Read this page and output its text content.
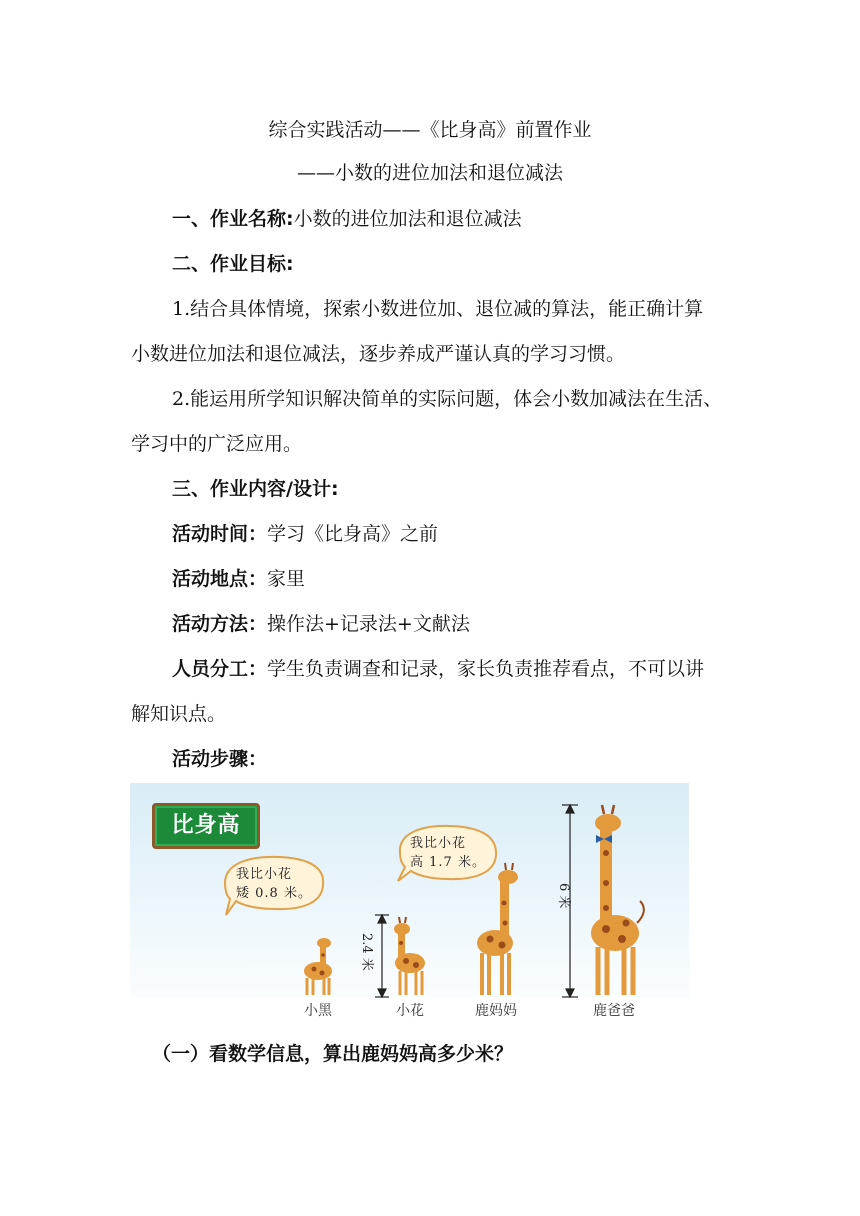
综合实践活动——《比身高》前置作业
——小数的进位加法和退位减法
一、作业名称:小数的进位加法和退位减法
二、作业目标:
1.结合具体情境，探索小数进位加、退位减的算法，能正确计算
小数进位加法和退位减法，逐步养成严谨认真的学习习惯。
2.能运用所学知识解决简单的实际问题，体会小数加减法在生活、
学习中的广泛应用。
三、作业内容/设计:
活动时间：学习《比身高》之前
活动地点：家里
活动方法：操作法+记录法+文献法
人员分工：学生负责调查和记录，家长负责推荐看点，不可以讲
解知识点。
活动步骤：
比身高
我比小花
矮 0.8 米。
我比小花
高 1.7 米。
2.4 米
6 米
小黑	小花	鹿妈妈	鹿爸爸
（一）看数学信息，算出鹿妈妈高多少米？
